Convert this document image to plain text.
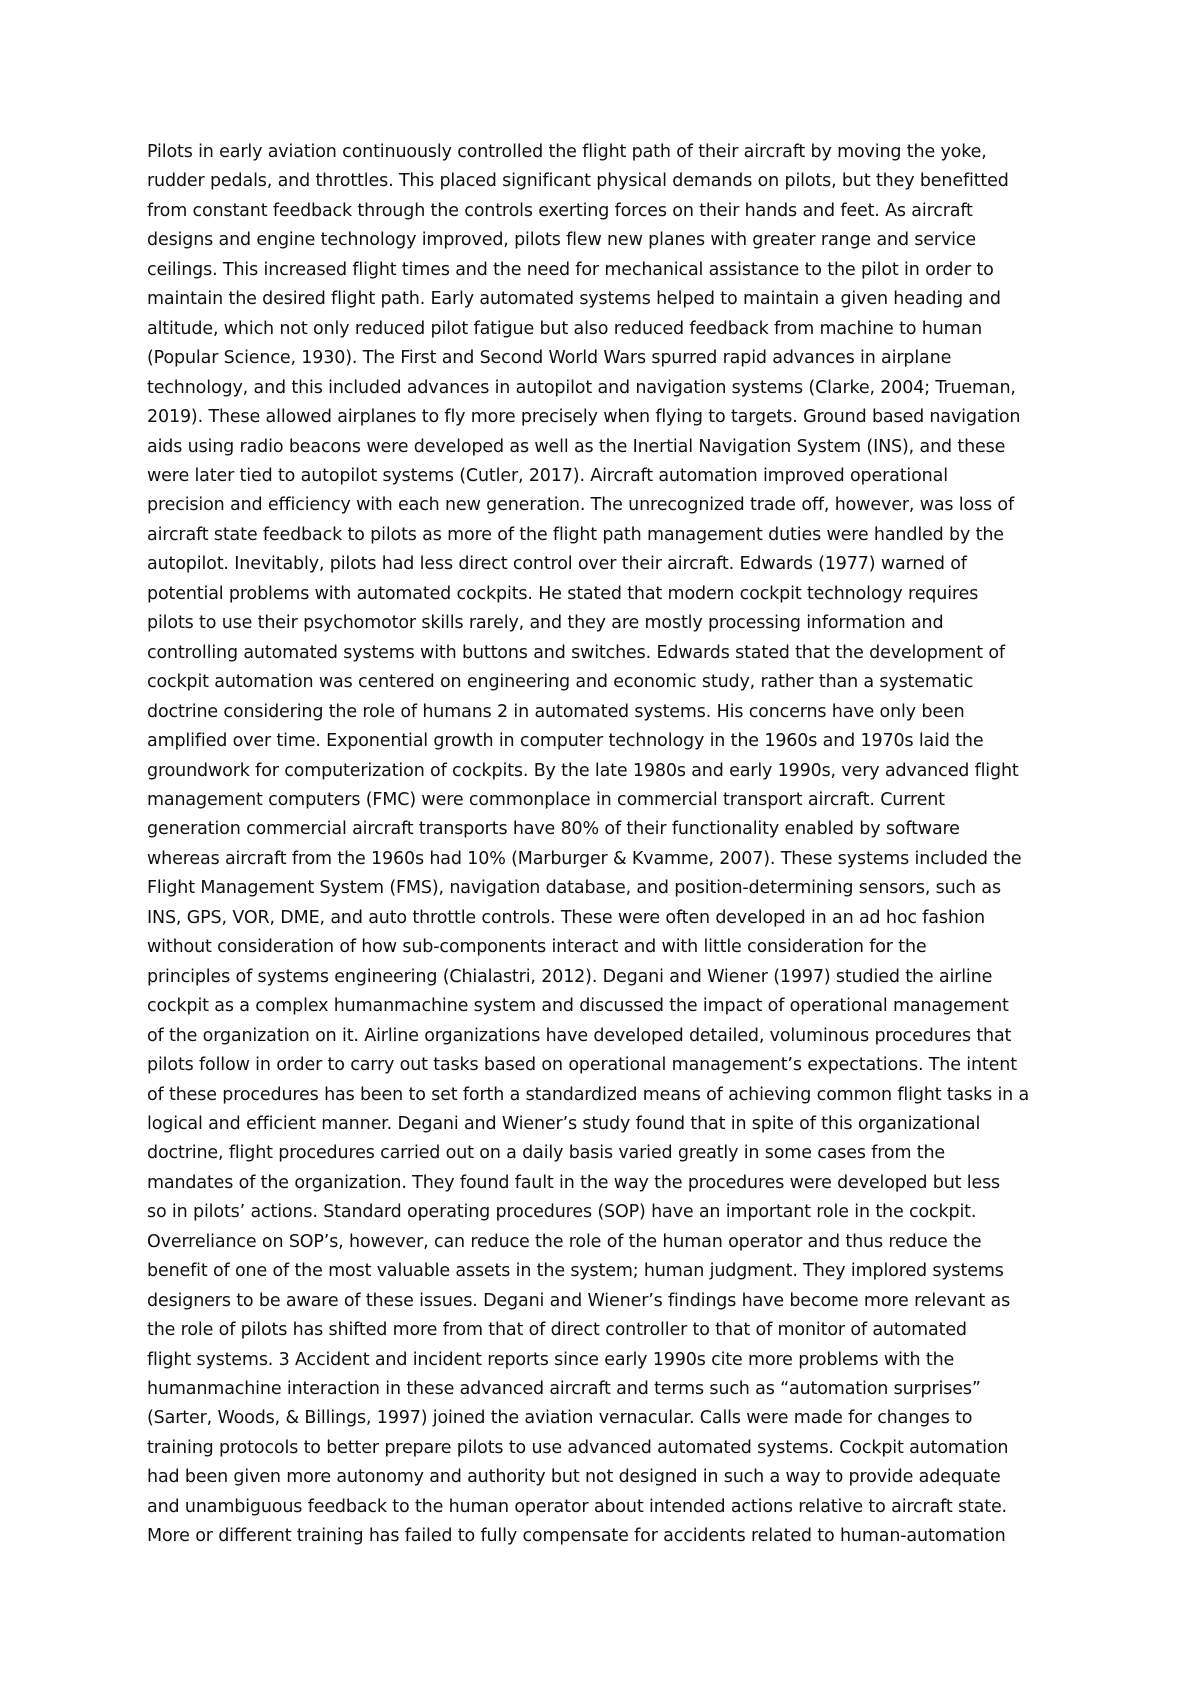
Pilots in early aviation continuously controlled the flight path of their aircraft by moving the yoke,
rudder pedals, and throttles. This placed significant physical demands on pilots, but they benefitted
from constant feedback through the controls exerting forces on their hands and feet. As aircraft
designs and engine technology improved, pilots flew new planes with greater range and service
ceilings. This increased flight times and the need for mechanical assistance to the pilot in order to
maintain the desired flight path. Early automated systems helped to maintain a given heading and
altitude, which not only reduced pilot fatigue but also reduced feedback from machine to human
(Popular Science, 1930). The First and Second World Wars spurred rapid advances in airplane
technology, and this included advances in autopilot and navigation systems (Clarke, 2004; Trueman,
2019). These allowed airplanes to fly more precisely when flying to targets. Ground based navigation
aids using radio beacons were developed as well as the Inertial Navigation System (INS), and these
were later tied to autopilot systems (Cutler, 2017). Aircraft automation improved operational
precision and efficiency with each new generation. The unrecognized trade off, however, was loss of
aircraft state feedback to pilots as more of the flight path management duties were handled by the
autopilot. Inevitably, pilots had less direct control over their aircraft. Edwards (1977) warned of
potential problems with automated cockpits. He stated that modern cockpit technology requires
pilots to use their psychomotor skills rarely, and they are mostly processing information and
controlling automated systems with buttons and switches. Edwards stated that the development of
cockpit automation was centered on engineering and economic study, rather than a systematic
doctrine considering the role of humans 2 in automated systems. His concerns have only been
amplified over time. Exponential growth in computer technology in the 1960s and 1970s laid the
groundwork for computerization of cockpits. By the late 1980s and early 1990s, very advanced flight
management computers (FMC) were commonplace in commercial transport aircraft. Current
generation commercial aircraft transports have 80% of their functionality enabled by software
whereas aircraft from the 1960s had 10% (Marburger & Kvamme, 2007). These systems included the
Flight Management System (FMS), navigation database, and position-determining sensors, such as
INS, GPS, VOR, DME, and auto throttle controls. These were often developed in an ad hoc fashion
without consideration of how sub-components interact and with little consideration for the
principles of systems engineering (Chialastri, 2012). Degani and Wiener (1997) studied the airline
cockpit as a complex humanmachine system and discussed the impact of operational management
of the organization on it. Airline organizations have developed detailed, voluminous procedures that
pilots follow in order to carry out tasks based on operational management’s expectations. The intent
of these procedures has been to set forth a standardized means of achieving common flight tasks in a
logical and efficient manner. Degani and Wiener’s study found that in spite of this organizational
doctrine, flight procedures carried out on a daily basis varied greatly in some cases from the
mandates of the organization. They found fault in the way the procedures were developed but less
so in pilots’ actions. Standard operating procedures (SOP) have an important role in the cockpit.
Overreliance on SOP’s, however, can reduce the role of the human operator and thus reduce the
benefit of one of the most valuable assets in the system; human judgment. They implored systems
designers to be aware of these issues. Degani and Wiener’s findings have become more relevant as
the role of pilots has shifted more from that of direct controller to that of monitor of automated
flight systems. 3 Accident and incident reports since early 1990s cite more problems with the
humanmachine interaction in these advanced aircraft and terms such as “automation surprises”
(Sarter, Woods, & Billings, 1997) joined the aviation vernacular. Calls were made for changes to
training protocols to better prepare pilots to use advanced automated systems. Cockpit automation
had been given more autonomy and authority but not designed in such a way to provide adequate
and unambiguous feedback to the human operator about intended actions relative to aircraft state.
More or different training has failed to fully compensate for accidents related to human-automation
